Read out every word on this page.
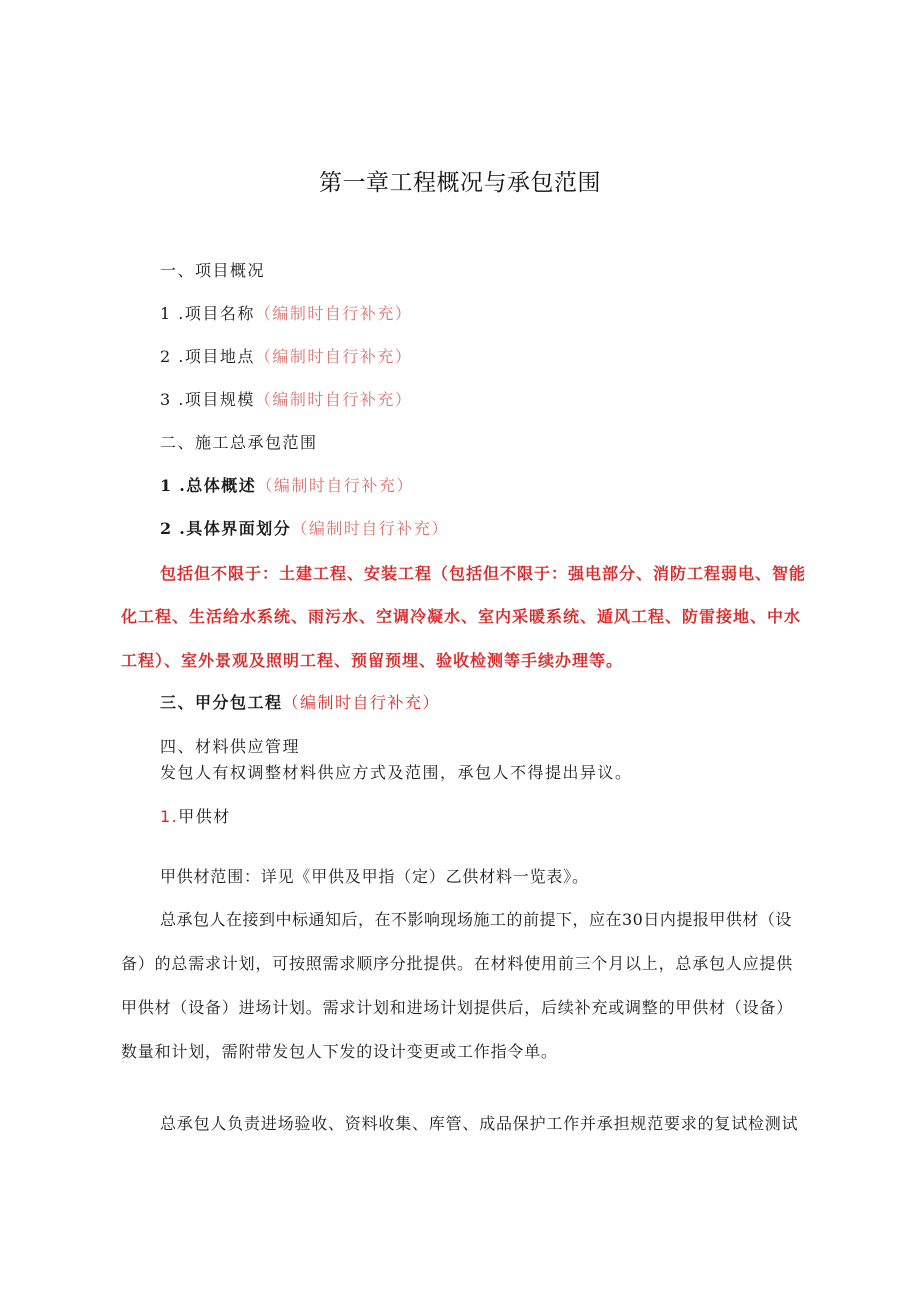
第一章工程概况与承包范围
一、项目概况
1 .项目名称（编制时自行补充）
2 .项目地点（编制时自行补充）
3 .项目规模（编制时自行补充）
二、施工总承包范围
1 .总体概述（编制时自行补充）
2 .具体界面划分（编制时自行补充）
包括但不限于：土建工程、安装工程（包括但不限于：强电部分、消防工程弱电、智能
化工程、生活给水系统、雨污水、空调冷凝水、室内采暖系统、遁风工程、防雷接地、中水
工程）、室外景观及照明工程、预留预埋、验收检测等手续办理等。
三、甲分包工程（编制时自行补充）
四、材料供应管理
发包人有权调整材料供应方式及范围，承包人不得提出异议。
1.甲供材
甲供材范围：详见《甲供及甲指（定）乙供材料一览表》。
总承包人在接到中标通知后，在不影响现场施工的前提下，应在30日内提报甲供材（设
备）的总需求计划，可按照需求顺序分批提供。在材料使用前三个月以上，总承包人应提供
甲供材（设备）进场计划。需求计划和进场计划提供后，后续补充或调整的甲供材（设备）
数量和计划，需附带发包人下发的设计变更或工作指令单。
总承包人负责进场验收、资料收集、库管、成品保护工作并承担规范要求的复试检测试
